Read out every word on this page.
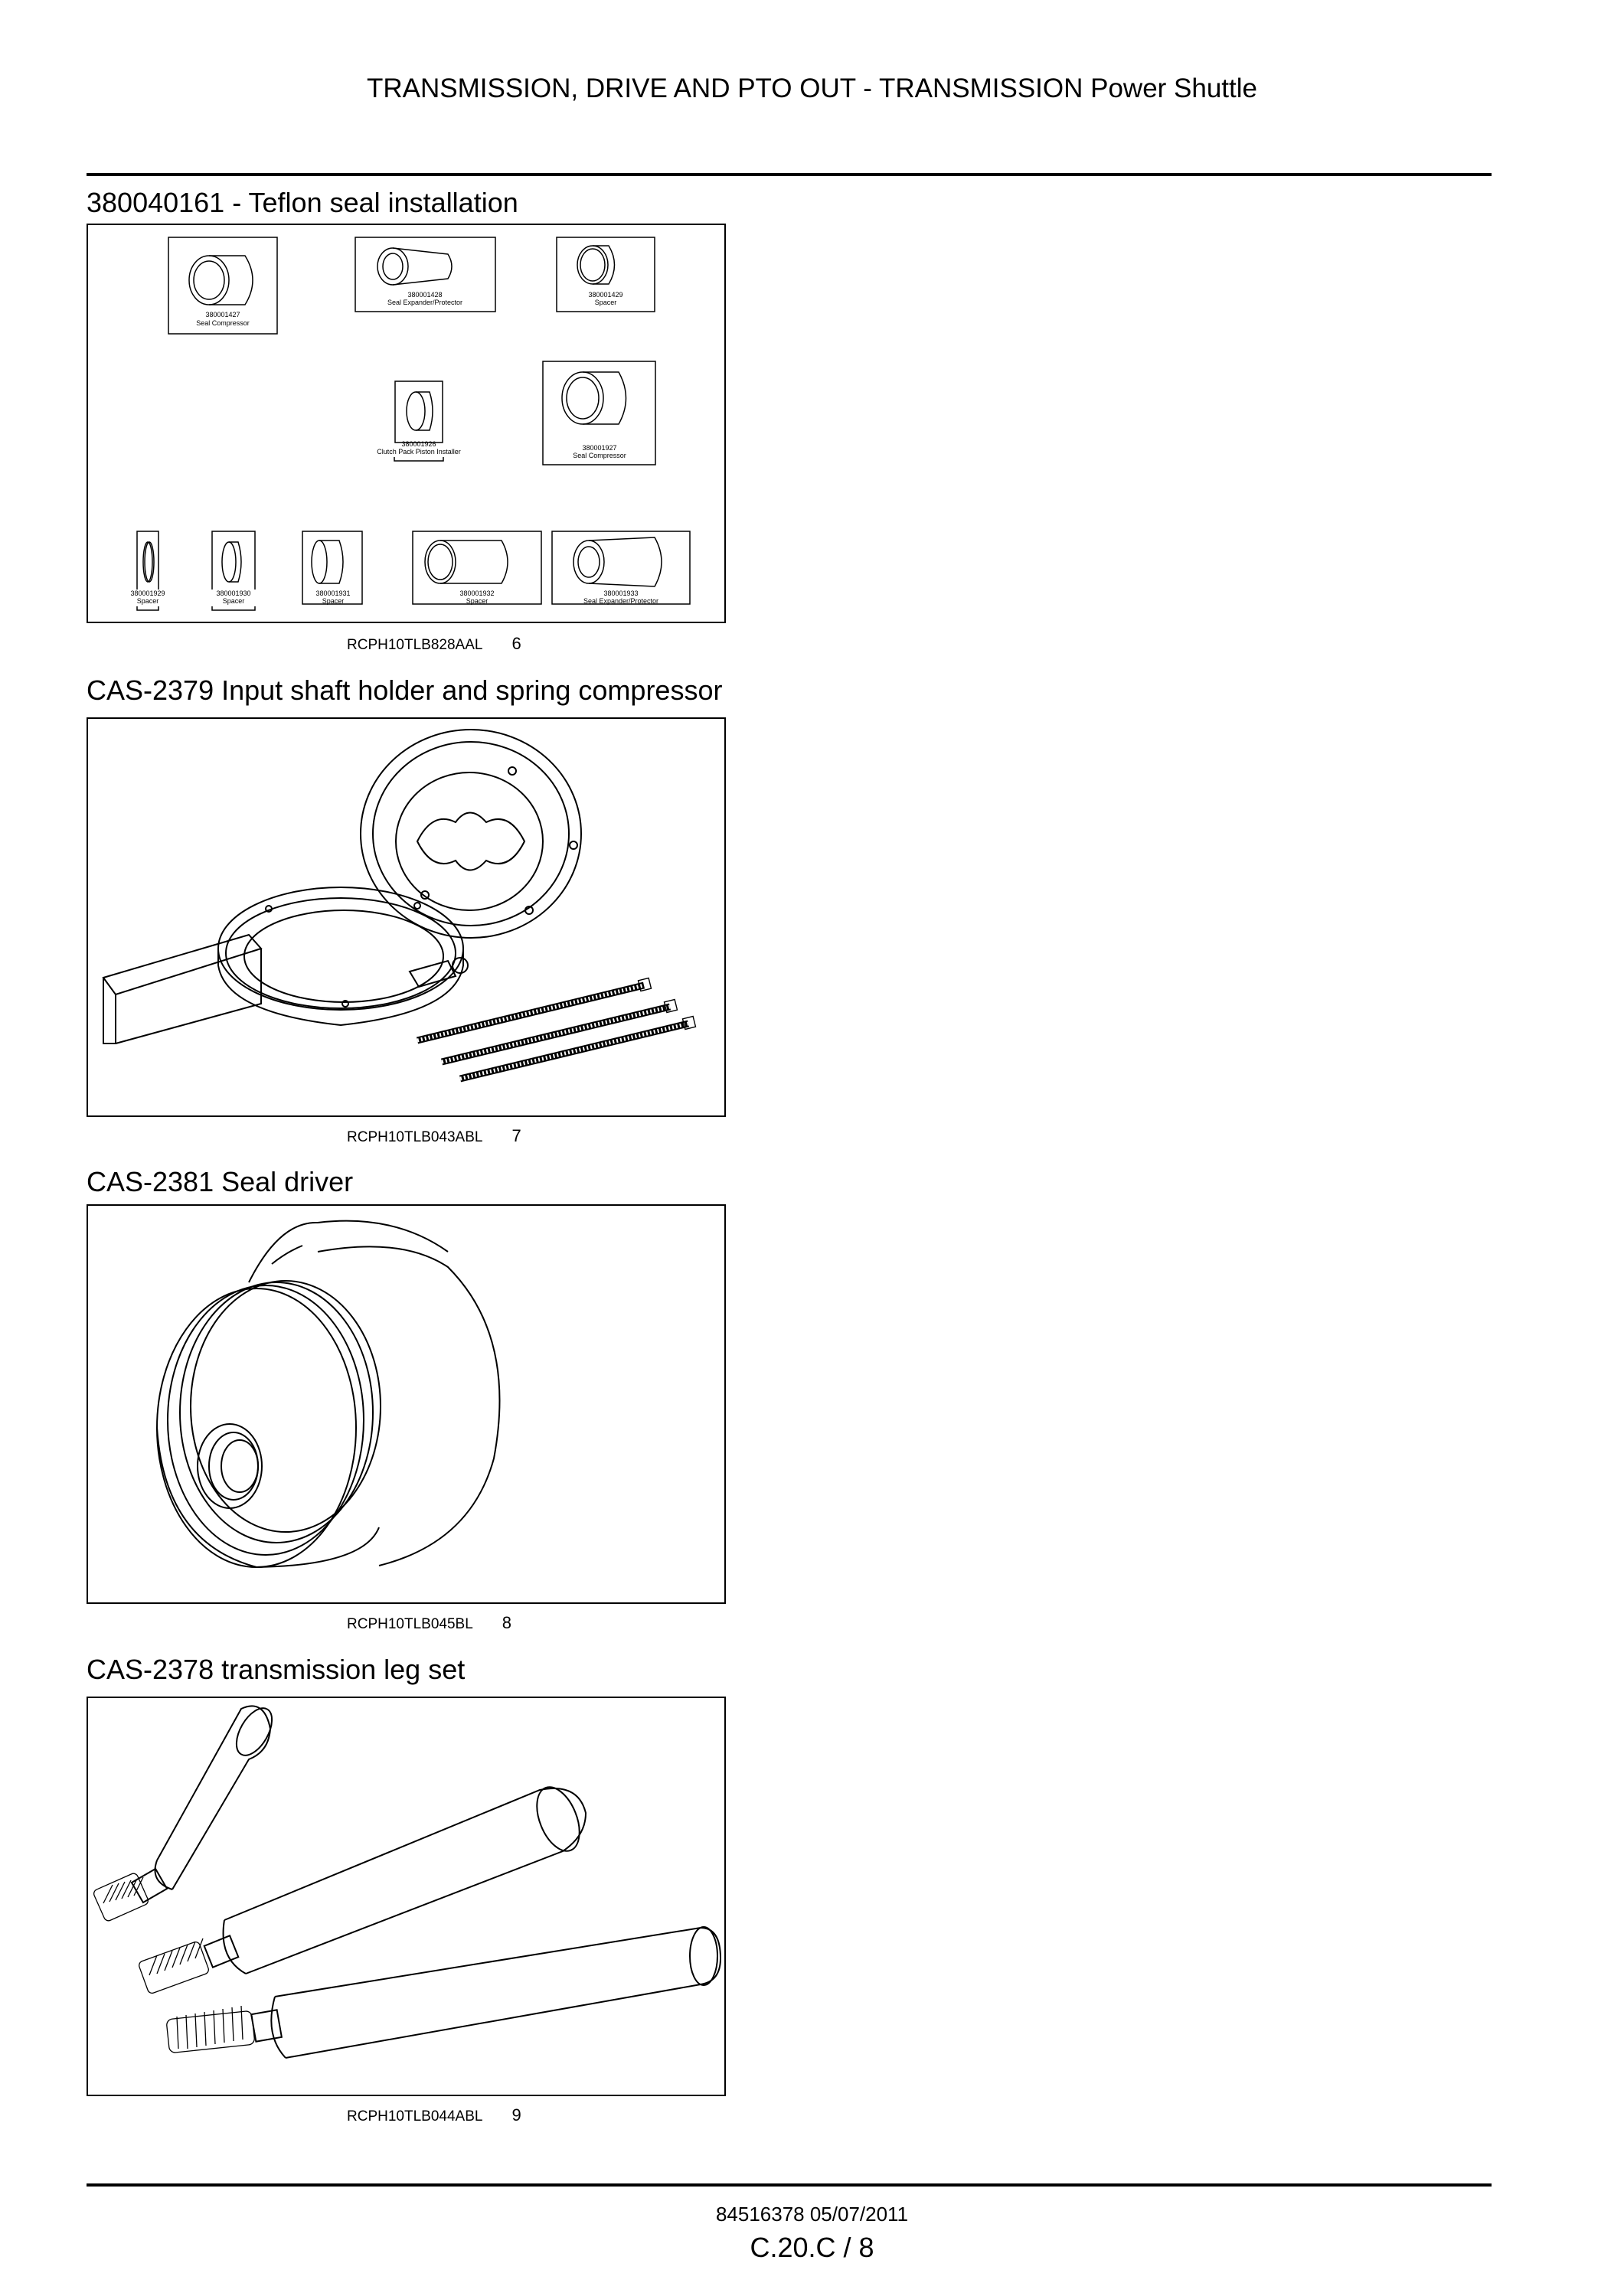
TRANSMISSION, DRIVE AND PTO OUT - TRANSMISSION Power Shuttle
380040161 - Teflon seal installation
380001427
Seal Compressor
380001428
Seal Expander/Protector
380001429
Spacer
380001926
Clutch Pack Piston Installer	380001927
Seal Compressor
380001929
Spacer
380001930
Spacer
380001931
Spacer
380001932
Spacer
380001933
Seal Expander/Protector
RCPH10TLB828AAL 6
CAS-2379 Input shaft holder and spring compressor
RCPH10TLB043ABL 7
CAS-2381 Seal driver
RCPH10TLB045BL 8
CAS-2378 transmission leg set
RCPH10TLB044ABL 9
84516378 05/07/2011
C.20.C / 8
